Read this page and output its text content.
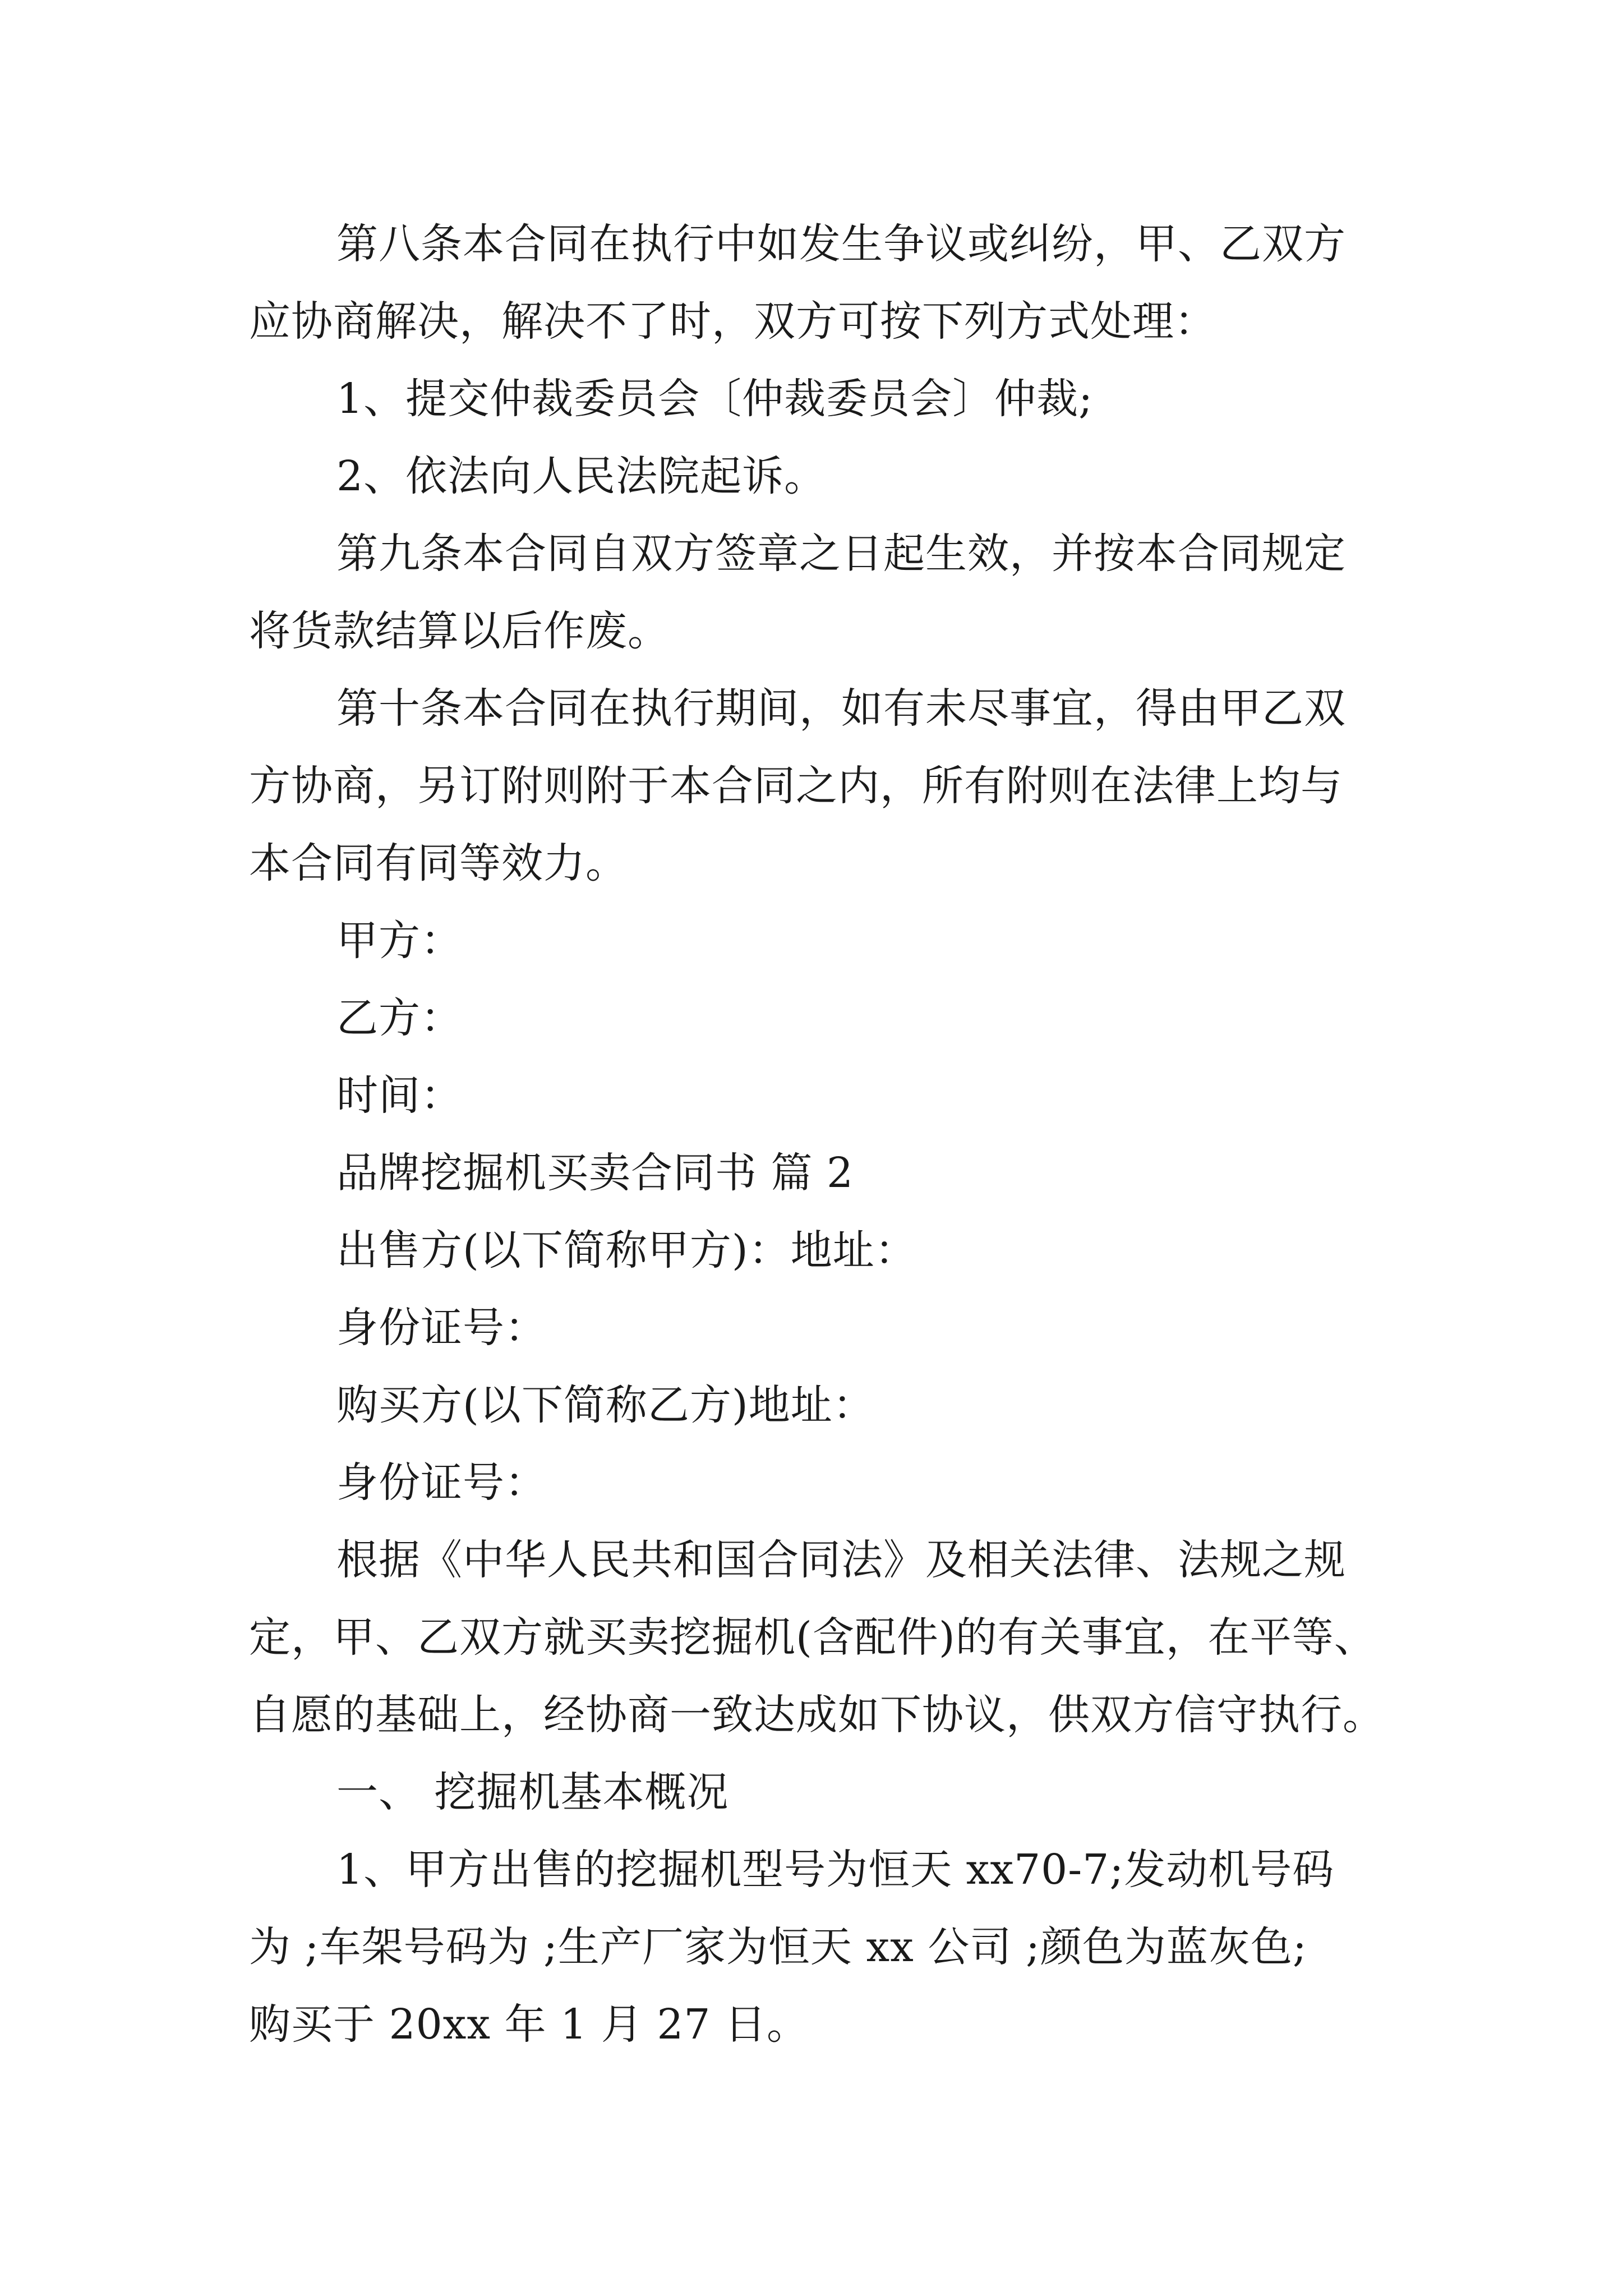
第八条本合同在执行中如发生争议或纠纷，甲、乙双方
应协商解决，解决不了时，双方可按下列方式处理：
1、提交仲裁委员会〔仲裁委员会〕仲裁;
2、依法向人民法院起诉。
第九条本合同自双方签章之日起生效，并按本合同规定
将货款结算以后作废。
第十条本合同在执行期间，如有未尽事宜，得由甲乙双
方协商，另订附则附于本合同之内，所有附则在法律上均与
本合同有同等效力。
甲方：
乙方：
时间：
品牌挖掘机买卖合同书 篇 2
出售方(以下简称甲方)：地址：
身份证号：
购买方(以下简称乙方)地址：
身份证号：
根据《中华人民共和国合同法》及相关法律、法规之规
定，甲、乙双方就买卖挖掘机(含配件)的有关事宜，在平等、
自愿的基础上，经协商一致达成如下协议，供双方信守执行。
一、 挖掘机基本概况
1、甲方出售的挖掘机型号为恒天 xx70-7;发动机号码
为 ;车架号码为 ;生产厂家为恒天 xx 公司 ;颜色为蓝灰色;
购买于 20xx 年 1 月 27 日。
